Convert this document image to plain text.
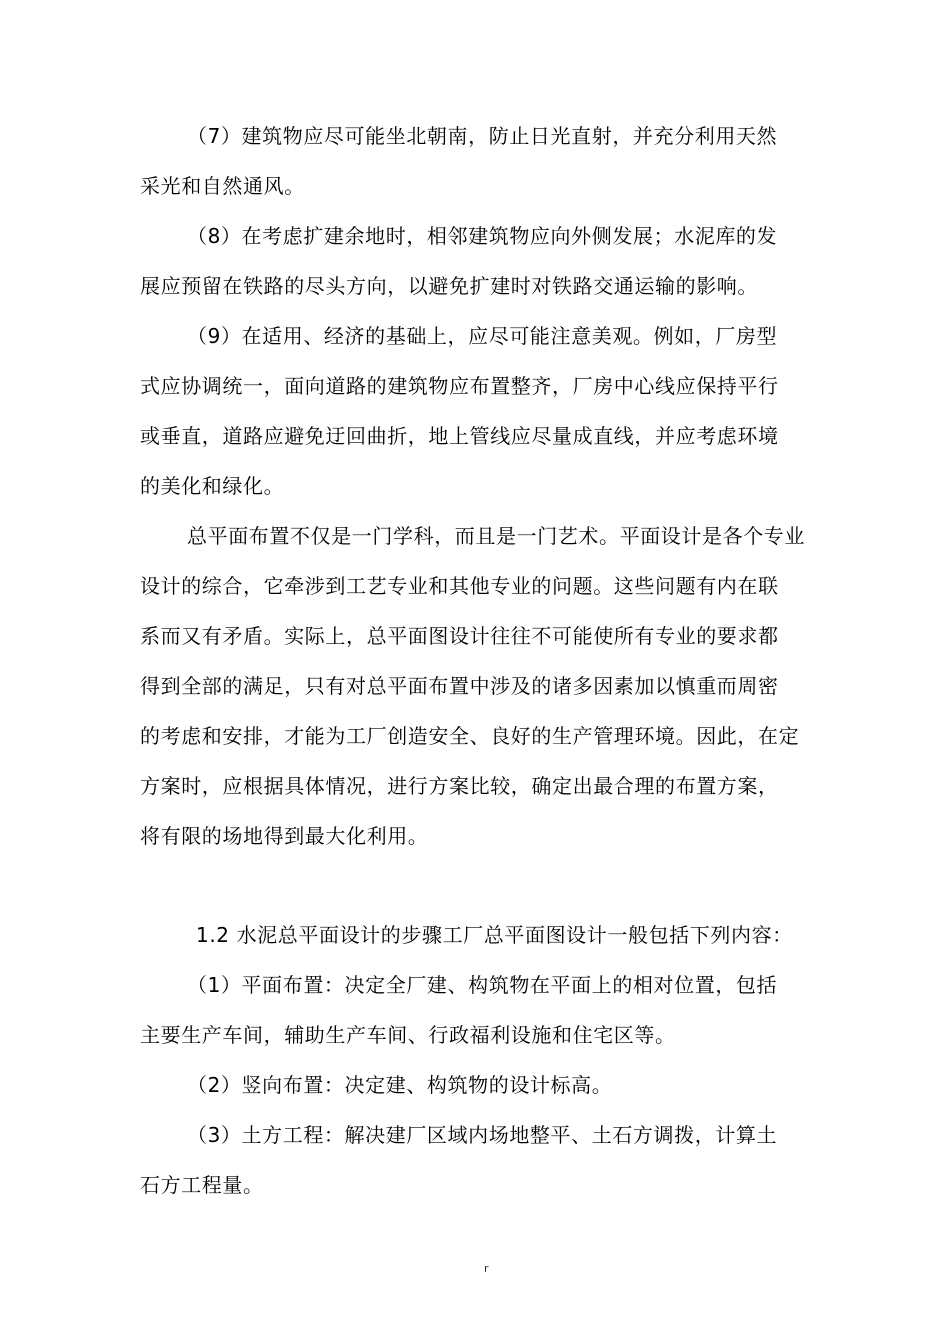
（7）建筑物应尽可能坐北朝南，防止日光直射，并充分利用天然
采光和自然通风。
（8）在考虑扩建余地时，相邻建筑物应向外侧发展；水泥库的发
展应预留在铁路的尽头方向，以避免扩建时对铁路交通运输的影响。
（9）在适用、经济的基础上，应尽可能注意美观。例如，厂房型
式应协调统一，面向道路的建筑物应布置整齐，厂房中心线应保持平行
或垂直，道路应避免迂回曲折，地上管线应尽量成直线，并应考虑环境
的美化和绿化。
总平面布置不仅是一门学科，而且是一门艺术。平面设计是各个专业
设计的综合，它牵涉到工艺专业和其他专业的问题。这些问题有内在联
系而又有矛盾。实际上，总平面图设计往往不可能使所有专业的要求都
得到全部的满足，只有对总平面布置中涉及的诸多因素加以慎重而周密
的考虑和安排，才能为工厂创造安全、良好的生产管理环境。因此，在定
方案时，应根据具体情况，进行方案比较，确定出最合理的布置方案，
将有限的场地得到最大化利用。
1.2 水泥总平面设计的步骤工厂总平面图设计一般包括下列内容：
（1）平面布置：决定全厂建、构筑物在平面上的相对位置，包括
主要生产车间，辅助生产车间、行政福利设施和住宅区等。
（2）竖向布置：决定建、构筑物的设计标高。
（3）土方工程：解决建厂区域内场地整平、土石方调拨，计算土
石方工程量。
r
